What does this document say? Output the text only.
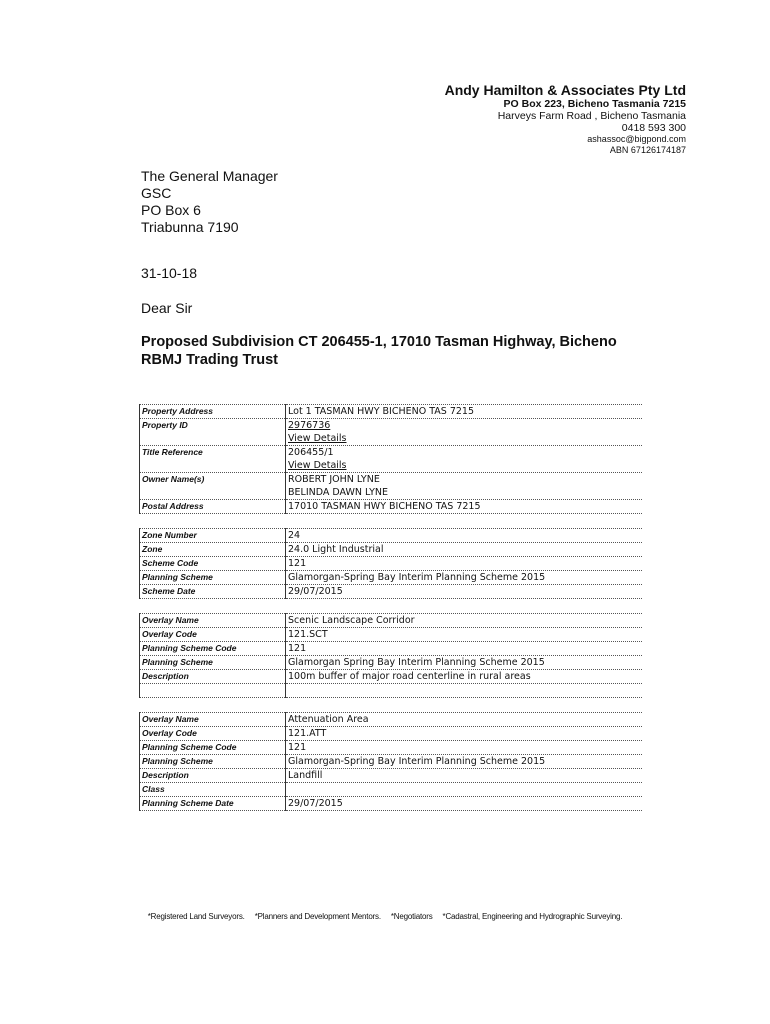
Andy Hamilton & Associates Pty Ltd
PO Box 223, Bicheno Tasmania 7215
Harveys Farm Road , Bicheno Tasmania
0418 593 300
ashassoc@bigpond.com
ABN 67126174187
The General Manager
GSC
PO Box 6
Triabunna 7190
31-10-18
Dear Sir
Proposed Subdivision CT 206455-1, 17010 Tasman Highway, Bicheno
RBMJ Trading Trust
Property Address	Lot 1 TASMAN HWY BICHENO TAS 7215
Property ID	2976736
View Details

Title Reference	206455/1
View Details

Owner Name(s)	ROBERT JOHN LYNE
BELINDA DAWN LYNE

Postal Address	17010 TASMAN HWY BICHENO TAS 7215
Zone Number	24
Zone	24.0 Light Industrial
Scheme Code	121
Planning Scheme	Glamorgan-Spring Bay Interim Planning Scheme 2015
Scheme Date	29/07/2015
Overlay Name	Scenic Landscape Corridor
Overlay Code	121.SCT
Planning Scheme Code	121
Planning Scheme	Glamorgan Spring Bay Interim Planning Scheme 2015
Description	100m buffer of major road centerline in rural areas

Overlay Name	Attenuation Area
Overlay Code	121.ATT
Planning Scheme Code	121
Planning Scheme	Glamorgan-Spring Bay Interim Planning Scheme 2015
Description	Landfill
Class	
Planning Scheme Date	29/07/2015
*Registered Land Surveyors. *Planners and Development Mentors. *Negotiators *Cadastral, Engineering and Hydrographic Surveying.
